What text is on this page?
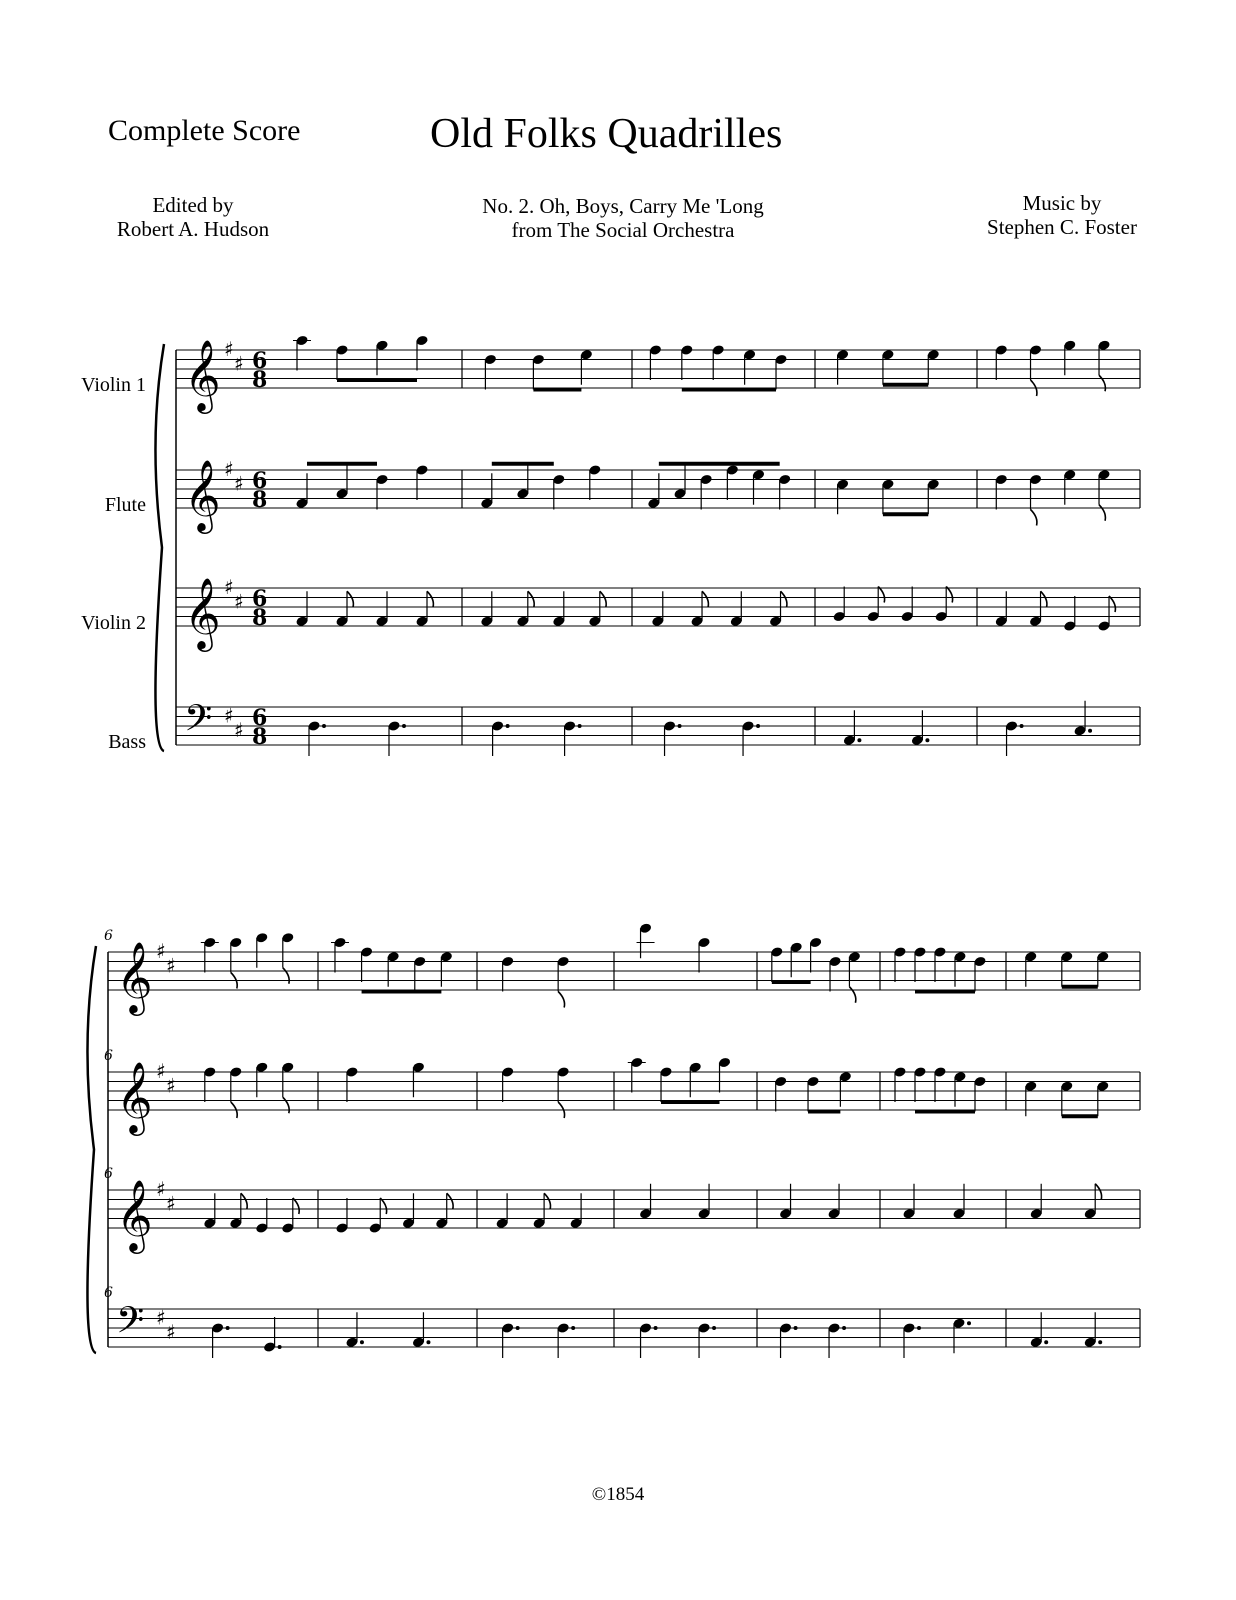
Complete Score	Old Folks Quadrilles
Edited by
Robert A. Hudson
No. 2. Oh, Boys, Carry Me 'Long
from The Social Orchestra
Music by
Stephen C. Foster
Violin 1
Flute
Violin 2
Bass
𝄞 ♯
♯ 6
8
𝄞 ♯
♯ 6
8
𝄞 ♯
♯ 6
8
𝄢 ♯
♯ 6
8
𝄞 ♯
♯
6
𝄞 ♯
♯
6
𝄞 ♯
♯
6
𝄢 ♯
♯
6
©1854
